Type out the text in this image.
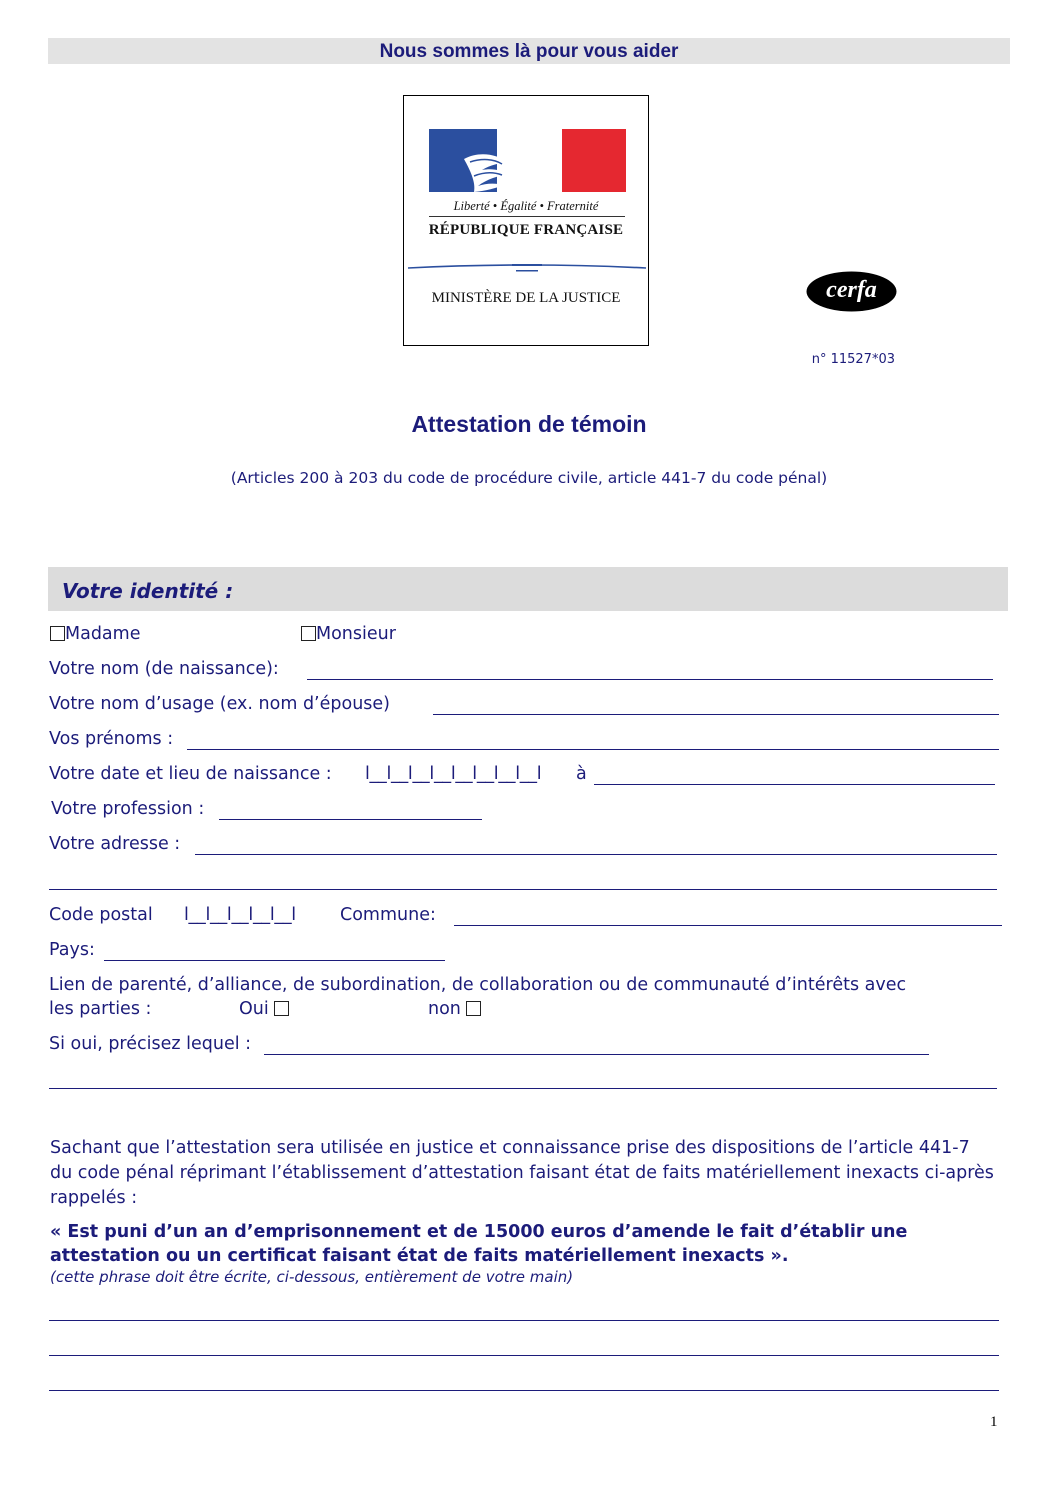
Nous sommes là pour vous aider
Liberté • Égalité • Fraternité
RÉPUBLIQUE FRANÇAISE
MINISTÈRE DE LA JUSTICE	cerfa
n° 11527*03
Attestation de témoin
(Articles 200 à 203 du code de procédure civile, article 441-7 du code pénal)
Votre identité :
Madame	Monsieur
Votre nom (de naissance):
Votre nom d’usage (ex. nom d’épouse)
Vos prénoms :
Votre date et lieu de naissance : l__l__l__l__l__l__l__l__l à
Votre profession :
Votre adresse :
Code postal l__l__l__l__l__l	Commune:
Pays:
Lien de parenté, d’alliance, de subordination, de collaboration ou de communauté d’intérêts avec
les parties :	Oui	non
Si oui, précisez lequel :
Sachant que l’attestation sera utilisée en justice et connaissance prise des dispositions de l’article 441-7 du code pénal réprimant l’établissement d’attestation faisant état de faits matériellement inexacts ci-après rappelés :
« Est puni d’un an d’emprisonnement et de 15000 euros d’amende le fait d’établir une attestation ou un certificat faisant état de faits matériellement inexacts ».
(cette phrase doit être écrite, ci-dessous, entièrement de votre main)
1
